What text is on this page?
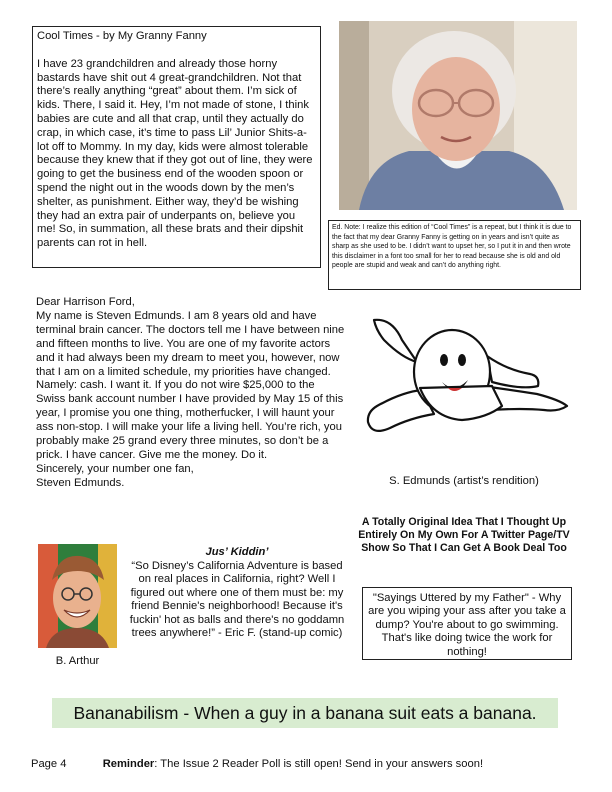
Cool Times - by My Granny Fanny
I have 23 grandchildren and already those horny bastards have shit out 4 great-grandchildren. Not that there’s really anything “great” about them. I’m sick of kids. There, I said it. Hey, I’m not made of stone, I think babies are cute and all that crap, until they actually do crap, in which case, it’s time to pass Lil’ Junior Shits-a-lot off to Mommy. In my day, kids were almost tolerable because they knew that if they got out of line, they were going to get the business end of the wooden spoon or spend the night out in the woods down by the men’s shelter, as punishment. Either way, they’d be wishing they had an extra pair of underpants on, believe you me! So, in summation, all these brats and their dipshit parents can rot in hell.
Ed. Note: I realize this edition of “Cool Times” is a repeat, but I think it is due to the fact that my dear Granny Fanny is getting on in years and isn’t quite as sharp as she used to be. I didn’t want to upset her, so I put it in and then wrote this disclaimer in a font too small for her to read because she is old and old people are stupid and weak and can’t do anything right.
Dear Harrison Ford,
My name is Steven Edmunds. I am 8 years old and have terminal brain cancer. The doctors tell me I have between nine and fifteen months to live. You are one of my favorite actors and it had always been my dream to meet you, however, now that I am on a limited schedule, my priorities have changed. Namely: cash. I want it. If you do not wire $25,000 to the Swiss bank account number I have provided by May 15 of this year, I promise you one thing, motherfucker, I will haunt your ass non-stop. I will make your life a living hell. You’re rich, you probably make 25 grand every three minutes, so don’t be a prick. I have cancer. Give me the money. Do it.
Sincerely, your number one fan,
Steven Edmunds.	S. Edmunds (artist’s rendition)
A Totally Original Idea That I Thought Up Entirely On My Own For A Twitter Page/TV Show So That I Can Get A Book Deal Too
B. Arthur
Jus’ Kiddin’
“So Disney’s California Adventure is based on real places in California, right? Well I figured out where one of them must be: my friend Bennie's neighborhood! Because it's fuckin' hot as balls and there's no goddamn trees anywhere!” - Eric F. (stand-up comic)
"Sayings Uttered by my Father" - Why are you wiping your ass after you take a dump? You're about to go swimming. That's like doing twice the work for nothing!
Bananabilism - When a guy in a banana suit eats a banana.
Page 4	Reminder: The Issue 2 Reader Poll is still open! Send in your answers soon!
